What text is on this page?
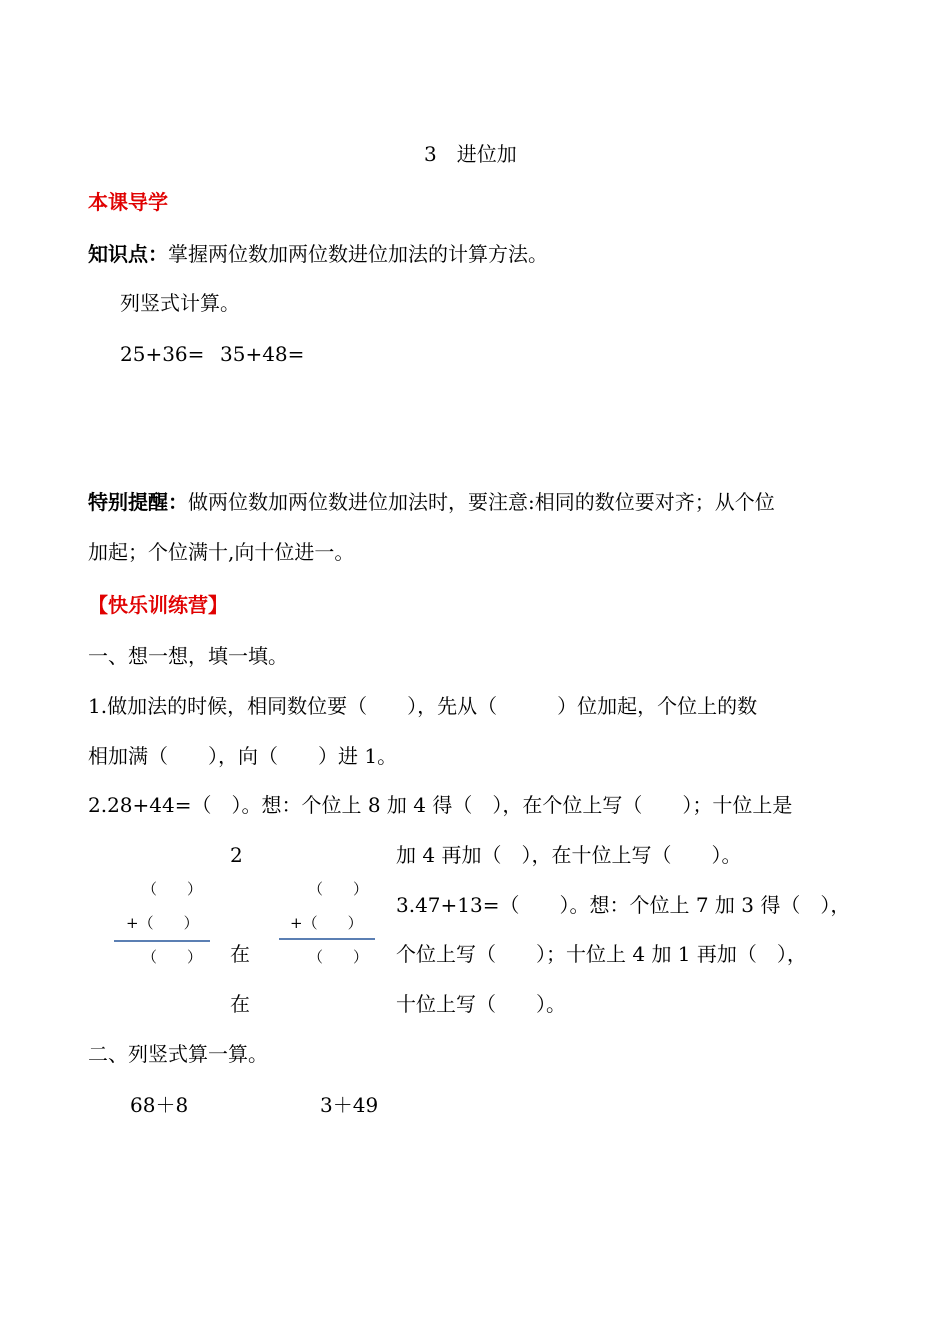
3　进位加
本课导学
知识点：掌握两位数加两位数进位加法的计算方法。
列竖式计算。
25+36= 35+48=
特别提醒：做两位数加两位数进位加法时，要注意:相同的数位要对齐；从个位
加起；个位满十,向十位进一。
【快乐训练营】
一、想一想，填一填。
1.做加法的时候，相同数位要（　　），先从（　　　）位加起，个位上的数
相加满（　　），向（　　）进 1。
2.28+44=（　）。想：个位上 8 加 4 得（　），在个位上写（　　）；十位上是
2	加 4 再加（　），在十位上写（　　）。
（　　）
+（　　）
（　　）
（　　）
+（　　）
（　　）
在
在
3.47+13=（　　）。想：个位上 7 加 3 得（　），
个位上写（　　）；十位上 4 加 1 再加（　），
十位上写（　　）。
二、列竖式算一算。
68＋8	3＋49
